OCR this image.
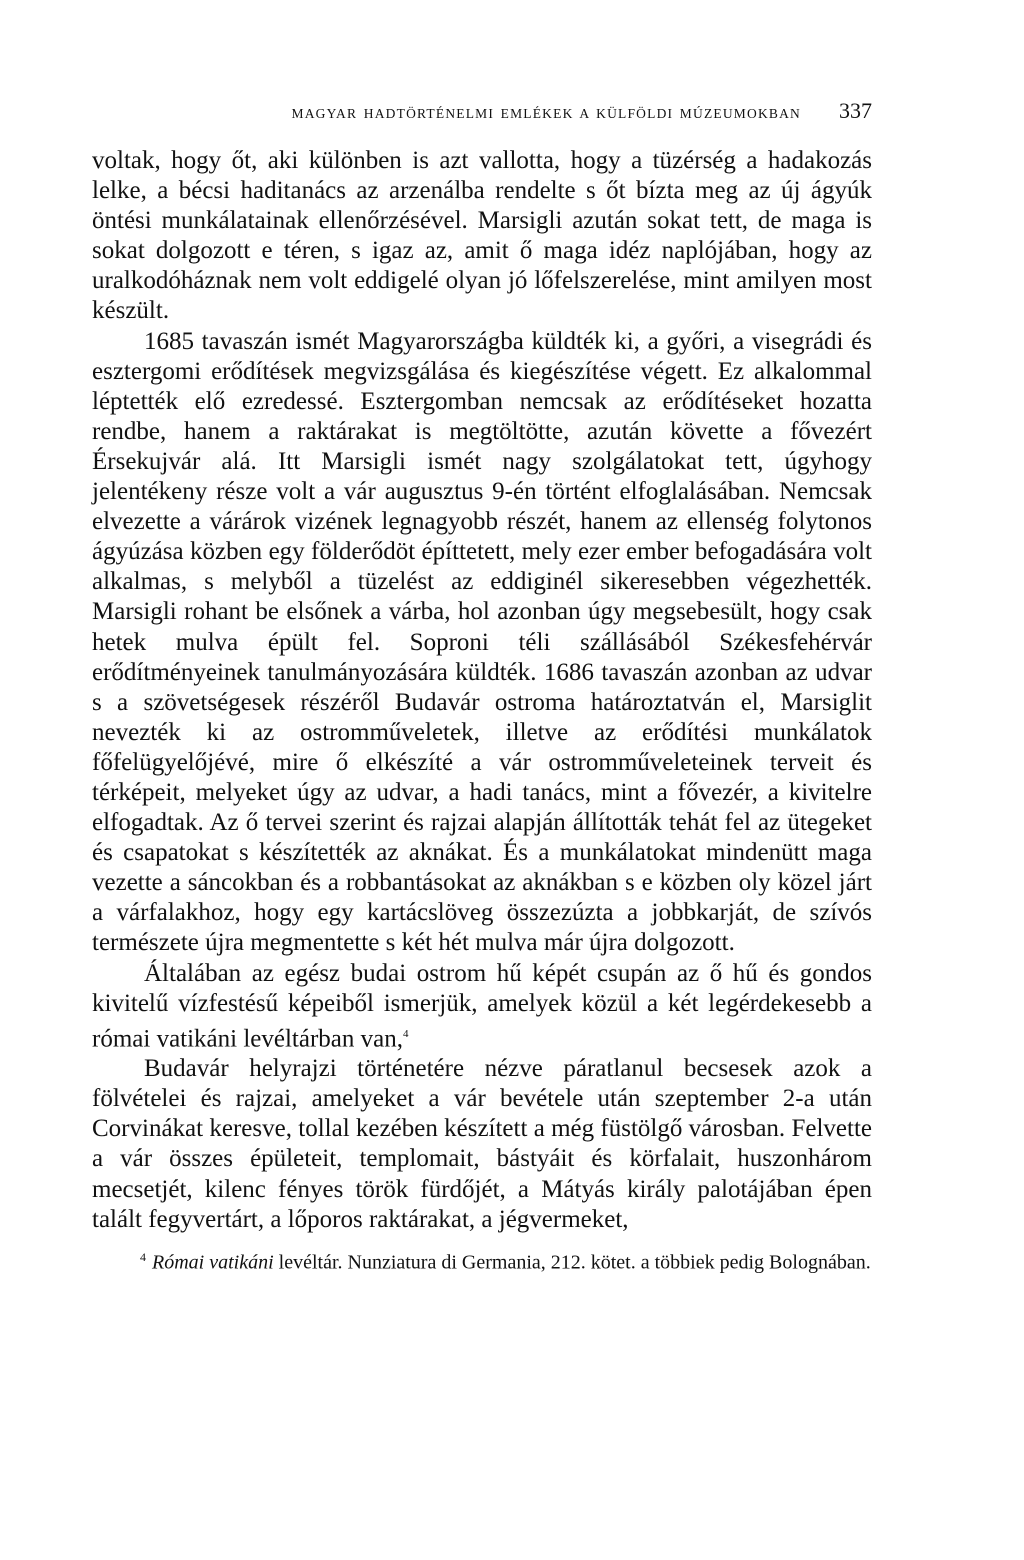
MAGYAR HADTÖRTÉNELMI EMLÉKEK A KÜLFÖLDI MÚZEUMOKBAN 337

voltak, hogy őt, aki különben is azt vallotta, hogy a tüzérség a hadakozás lelke, a bécsi haditanács az arzenálba rendelte s őt bízta meg az új ágyúk öntési munkálatainak ellenőrzésével. Marsigli azután sokat tett, de maga is sokat dolgozott e téren, s igaz az, amit ő maga idéz naplójában, hogy az uralkodóháznak nem volt eddigelé olyan jó lőfelszerelése, mint amilyen most készült.

1685 tavaszán ismét Magyarországba küldték ki, a győri, a visegrádi és esztergomi erődítések megvizsgálása és kiegészítése végett. Ez alkalommal léptették elő ezredessé. Esztergomban nemcsak az erődítéseket hozatta rendbe, hanem a raktárakat is megtöltötte, azután követte a fővezért Érsekujvár alá. Itt Marsigli ismét nagy szolgálatokat tett, úgyhogy jelentékeny része volt a vár augusztus 9-én történt elfoglalásában. Nemcsak elvezette a várárok vizének legnagyobb részét, hanem az ellenség folytonos ágyúzása közben egy földerődöt építtetett, mely ezer ember befogadására volt alkalmas, s melyből a tüzelést az eddiginél sikeresebben végezhették. Marsigli rohant be elsőnek a várba, hol azonban úgy megsebesült, hogy csak hetek mulva épült fel. Soproni téli szállásából Székesfehérvár erődítményeinek tanulmányozására küldték. 1686 tavaszán azonban az udvar s a szövetségesek részéről Budavár ostroma határoztatván el, Marsiglit nevezték ki az ostromműveletek, illetve az erődítési munkálatok főfelügyelőjévé, mire ő elkészíté a vár ostromműveleteinek terveit és térképeit, melyeket úgy az udvar, a hadi tanács, mint a fővezér, a kivitelre elfogadtak. Az ő tervei szerint és rajzai alapján állították tehát fel az ütegeket és csapatokat s készítették az aknákat. És a munkálatokat mindenütt maga vezette a sáncokban és a robbantásokat az aknákban s e közben oly közel járt a várfalakhoz, hogy egy kartácslöveg összezúzta a jobbkarját, de szívós természete újra megmentette s két hét mulva már újra dolgozott.

Általában az egész budai ostrom hű képét csupán az ő hű és gondos kivitelű vízfestésű képeiből ismerjük, amelyek közül a két legérdekesebb a római vatikáni levéltárban van,$^4$

Budavár helyrajzi történetére nézve páratlanul becsesek azok a fölvételei és rajzai, amelyeket a vár bevétele után szeptember 2-a után Corvinákat keresve, tollal kezében készített a még füstölgő városban. Felvette a vár összes épületeit, templomait, bástyáit és körfalait, huszonhárom mecsetjét, kilenc fényes török fürdőjét, a Mátyás király palotájában épen talált fegyvertárt, a lőporos raktárakat, a jégvermeket,

$^4$ Római vatikáni levéltár. Nunziatura di Germania, 212. kötet. a többiek pedig Bolognában.
